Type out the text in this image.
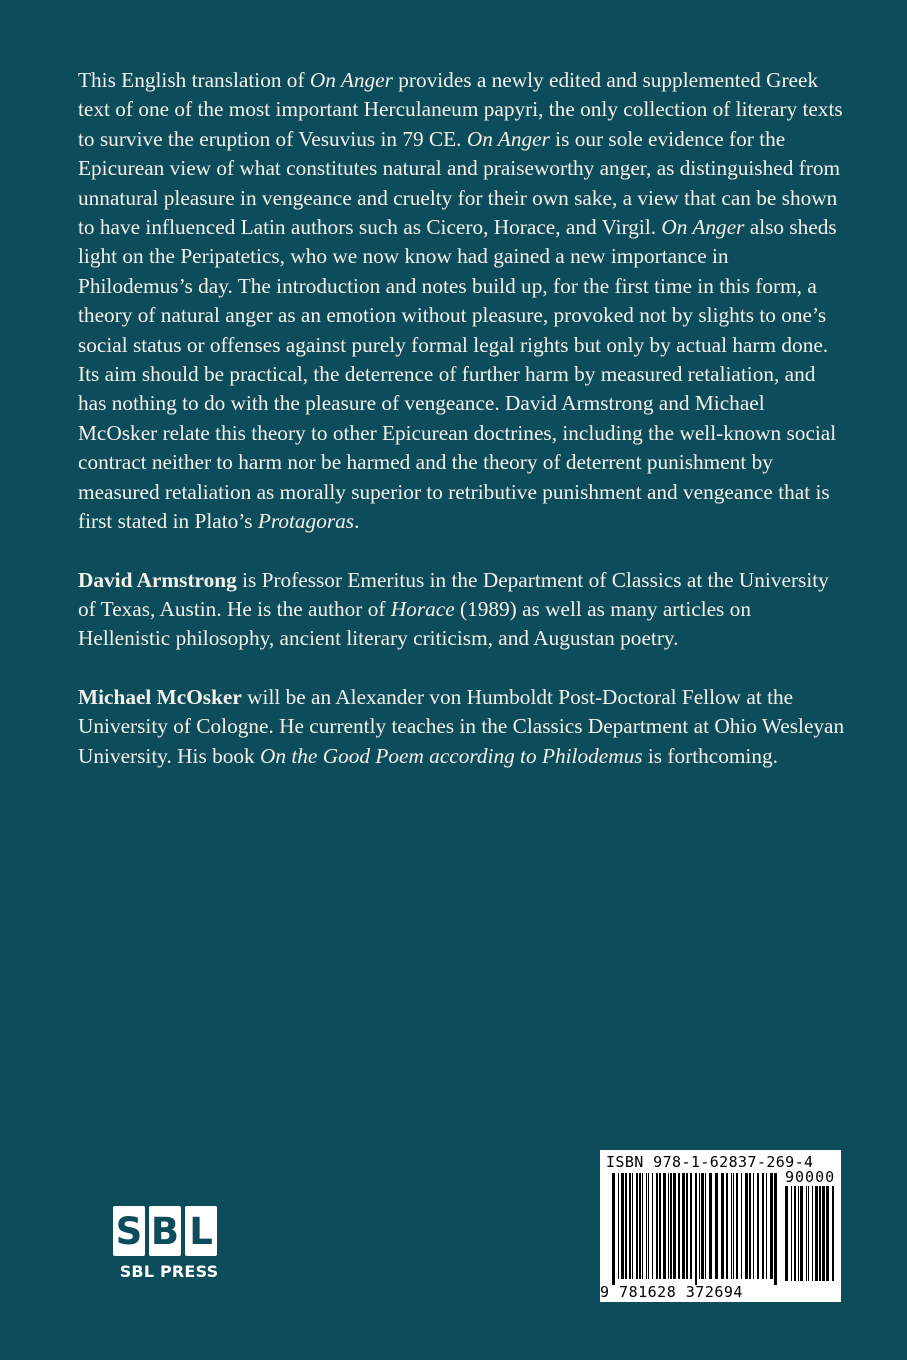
This English translation of On Anger provides a newly edited and supplemented Greek text of one of the most important Herculaneum papyri, the only collection of literary texts to survive the eruption of Vesuvius in 79 CE. On Anger is our sole evidence for the Epicurean view of what constitutes natural and praiseworthy anger, as distinguished from unnatural pleasure in vengeance and cruelty for their own sake, a view that can be shown to have influenced Latin authors such as Cicero, Horace, and Virgil. On Anger also sheds light on the Peripatetics, who we now know had gained a new importance in Philodemus’s day. The introduction and notes build up, for the first time in this form, a theory of natural anger as an emotion without pleasure, provoked not by slights to one’s social status or offenses against purely formal legal rights but only by actual harm done. Its aim should be practical, the deterrence of further harm by measured retaliation, and has nothing to do with the pleasure of vengeance. David Armstrong and Michael McOsker relate this theory to other Epicurean doctrines, including the well-known social contract neither to harm nor be harmed and the theory of deterrent punishment by measured retaliation as morally superior to retributive punishment and vengeance that is first stated in Plato’s Protagoras.

David Armstrong is Professor Emeritus in the Department of Classics at the University of Texas, Austin. He is the author of Horace (1989) as well as many articles on Hellenistic philosophy, ancient literary criticism, and Augustan poetry.

Michael McOsker will be an Alexander von Humboldt Post-Doctoral Fellow at the University of Cologne. He currently teaches in the Classics Department at Ohio Wesleyan University. His book On the Good Poem according to Philodemus is forthcoming.

S B L
SBL PRESS
ISBN 978-1-62837-269-4
90000
9 781628 372694
